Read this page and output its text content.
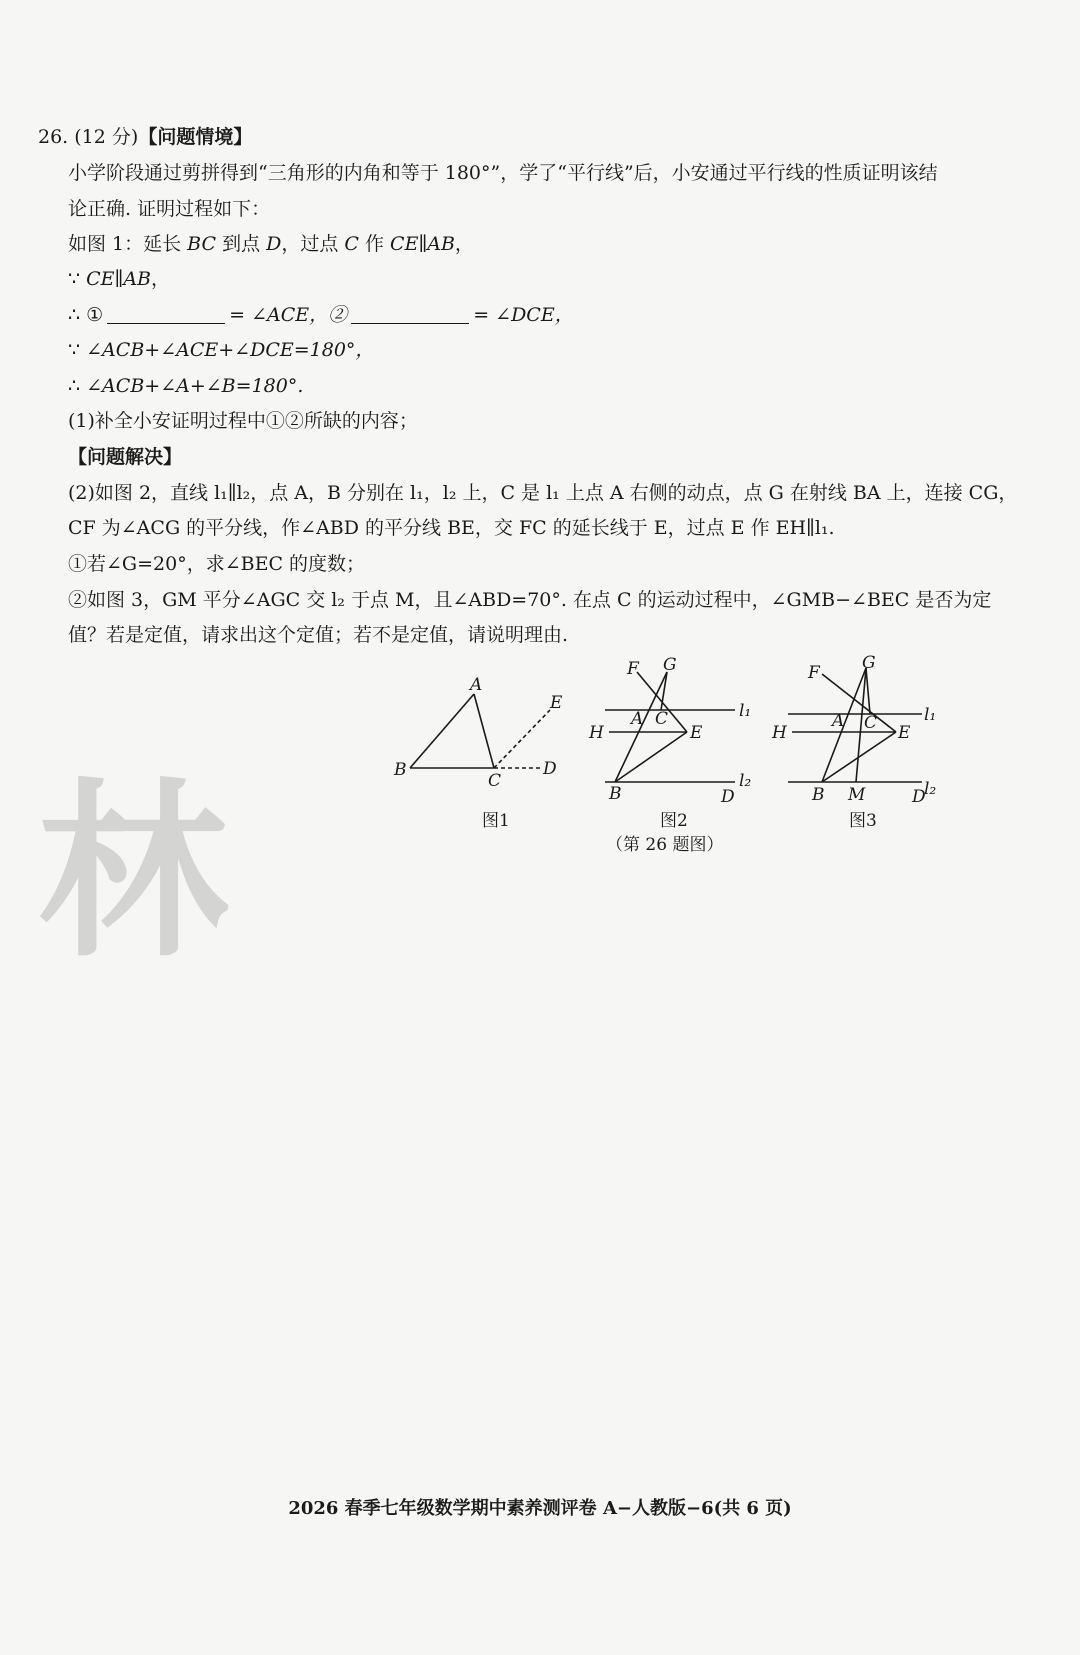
26. (12 分)【问题情境】
小学阶段通过剪拼得到“三角形的内角和等于 180°”，学了“平行线”后，小安通过平行线的性质证明该结
论正确. 证明过程如下：
如图 1：延长 BC 到点 D，过点 C 作 CE∥AB，
∵ CE∥AB，
∴ ①	= ∠ACE，②	= ∠DCE，
∵ ∠ACB+∠ACE+∠DCE=180°，
∴ ∠ACB+∠A+∠B=180°.
(1)补全小安证明过程中①②所缺的内容；
【问题解决】
(2)如图 2，直线 l₁∥l₂，点 A，B 分别在 l₁，l₂ 上，C 是 l₁ 上点 A 右侧的动点，点 G 在射线 BA 上，连接 CG，
CF 为∠ACG 的平分线，作∠ABD 的平分线 BE，交 FC 的延长线于 E，过点 E 作 EH∥l₁.
①若∠G=20°，求∠BEC 的度数；
②如图 3，GM 平分∠AGC 交 l₂ 于点 M，且∠ABD=70°. 在点 C 的运动过程中，∠GMB−∠BEC 是否为定
值？若是定值，请求出这个定值；若不是定值，请说明理由.
林
A
B
C
D
E
图1
F G
A C
H	E
B	D
l₁
l₂
图2
F G
A C
H	E
B M	D
l₁
l₂
图3
（第 26 题图）
2026 春季七年级数学期中素养测评卷 A−人教版−6(共 6 页)
